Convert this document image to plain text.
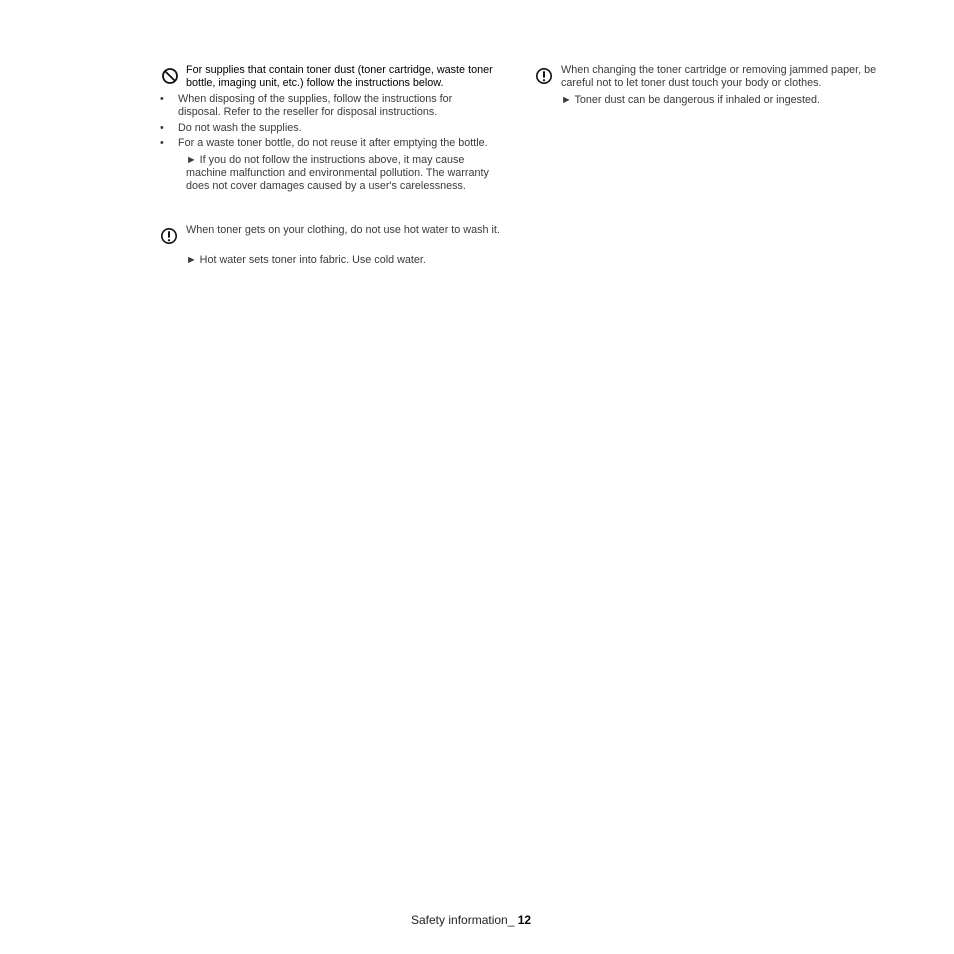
For supplies that contain toner dust (toner cartridge, waste toner bottle, imaging unit, etc.) follow the instructions below.
•	When disposing of the supplies, follow the instructions for disposal. Refer to the reseller for disposal instructions.
•	Do not wash the supplies.
•	For a waste toner bottle, do not reuse it after emptying the bottle.
► If you do not follow the instructions above, it may cause machine malfunction and environmental pollution. The warranty does not cover damages caused by a user's carelessness.
When toner gets on your clothing, do not use hot water to wash it.
► Hot water sets toner into fabric. Use cold water.
When changing the toner cartridge or removing jammed paper, be careful not to let toner dust touch your body or clothes.
► Toner dust can be dangerous if inhaled or ingested.
Safety information_ 12
